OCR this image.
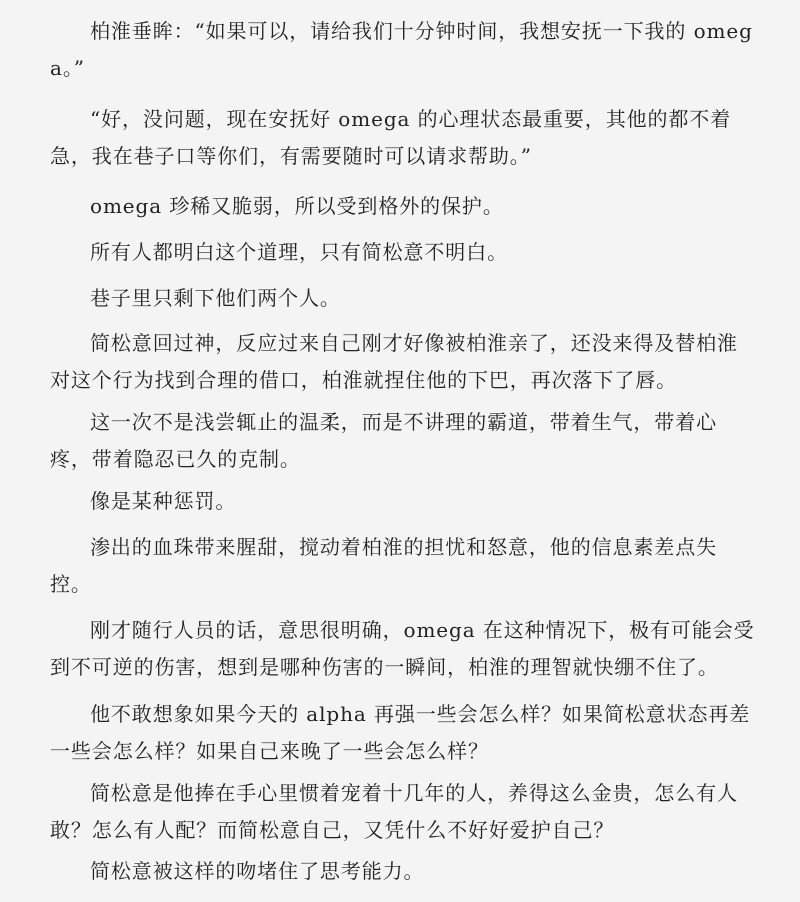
柏淮垂眸：“如果可以，请给我们十分钟时间，我想安抚一下我的 omega。”

“好，没问题，现在安抚好 omega 的心理状态最重要，其他的都不着急，我在巷子口等你们，有需要随时可以请求帮助。”

omega 珍稀又脆弱，所以受到格外的保护。

所有人都明白这个道理，只有简松意不明白。

巷子里只剩下他们两个人。

简松意回过神，反应过来自己刚才好像被柏淮亲了，还没来得及替柏淮对这个行为找到合理的借口，柏淮就捏住他的下巴，再次落下了唇。

这一次不是浅尝辄止的温柔，而是不讲理的霸道，带着生气，带着心疼，带着隐忍已久的克制。

像是某种惩罚。

渗出的血珠带来腥甜，搅动着柏淮的担忧和怒意，他的信息素差点失控。

刚才随行人员的话，意思很明确，omega 在这种情况下，极有可能会受到不可逆的伤害，想到是哪种伤害的一瞬间，柏淮的理智就快绷不住了。

他不敢想象如果今天的 alpha 再强一些会怎么样？如果简松意状态再差一些会怎么样？如果自己来晚了一些会怎么样？

简松意是他捧在手心里惯着宠着十几年的人，养得这么金贵，怎么有人敢？怎么有人配？而简松意自己，又凭什么不好好爱护自己？

简松意被这样的吻堵住了思考能力。
